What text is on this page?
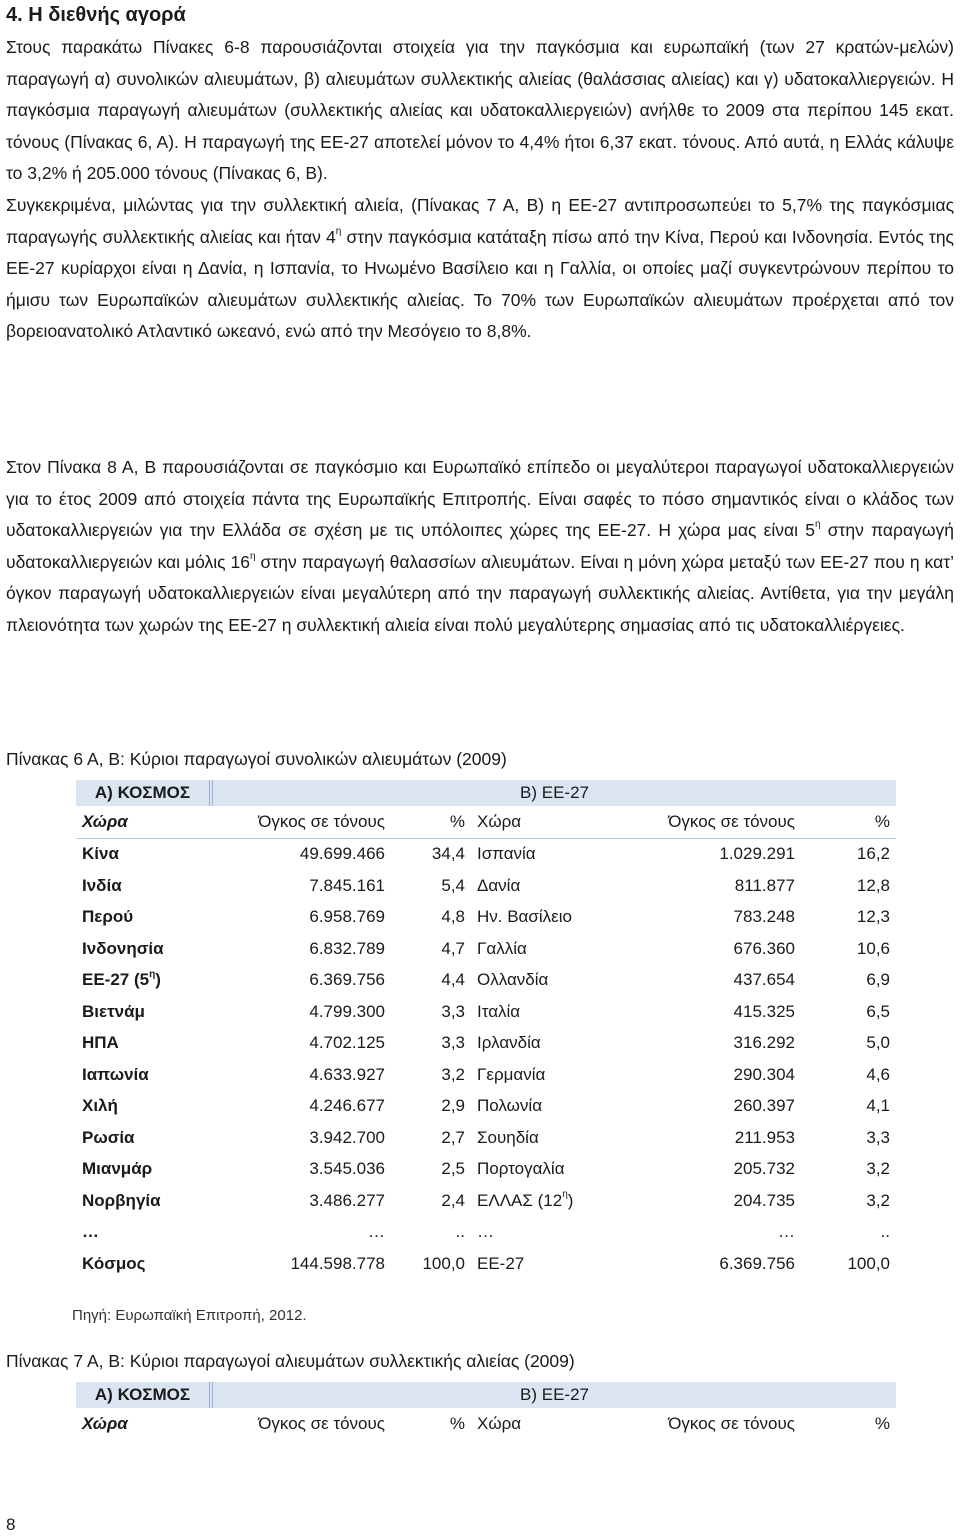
4. Η διεθνής αγορά

Στους παρακάτω Πίνακες 6-8 παρουσιάζονται στοιχεία για την παγκόσμια και ευρωπαϊκή (των 27 κρατών-μελών) παραγωγή α) συνολικών αλιευμάτων, β) αλιευμάτων συλλεκτικής αλιείας (θαλάσσιας αλιείας) και γ) υδατοκαλλιεργειών. Η παγκόσμια παραγωγή αλιευμάτων (συλλεκτικής αλιείας και υδατοκαλλιεργειών) ανήλθε το 2009 στα περίπου 145 εκατ. τόνους (Πίνακας 6, Α). Η παραγωγή της ΕΕ-27 αποτελεί μόνον το 4,4% ήτοι 6,37 εκατ. τόνους. Από αυτά, η Ελλάς κάλυψε το 3,2% ή 205.000 τόνους (Πίνακας 6, Β).

Συγκεκριμένα, μιλώντας για την συλλεκτική αλιεία, (Πίνακας 7 Α, Β) η ΕΕ-27 αντιπροσωπεύει το 5,7% της παγκόσμιας παραγωγής συλλεκτικής αλιείας και ήταν $4^\eta$ στην παγκόσμια κατάταξη πίσω από την Κίνα, Περού και Ινδονησία. Εντός της ΕΕ-27 κυρίαρχοι είναι η Δανία, η Ισπανία, το Ηνωμένο Βασίλειο και η Γαλλία, οι οποίες μαζί συγκεντρώνουν περίπου το ήμισυ των Ευρωπαϊκών αλιευμάτων συλλεκτικής αλιείας. Το 70% των Ευρωπαϊκών αλιευμάτων προέρχεται από τον βορειοανατολικό Ατλαντικό ωκεανό, ενώ από την Μεσόγειο το 8,8%.

Στον Πίνακα 8 Α, Β παρουσιάζονται σε παγκόσμιο και Ευρωπαϊκό επίπεδο οι μεγαλύτεροι παραγωγοί υδατοκαλλιεργειών για το έτος 2009 από στοιχεία πάντα της Ευρωπαϊκής Επιτροπής. Είναι σαφές το πόσο σημαντικός είναι ο κλάδος των υδατοκαλλιεργειών για την Ελλάδα σε σχέση με τις υπόλοιπες χώρες της ΕΕ-27. Η χώρα μας είναι $5^\eta$ στην παραγωγή υδατοκαλλιεργειών και μόλις $16^\eta$ στην παραγωγή θαλασσίων αλιευμάτων. Είναι η μόνη χώρα μεταξύ των ΕΕ-27 που η κατ’ όγκον παραγωγή υδατοκαλλιεργειών είναι μεγαλύτερη από την παραγωγή συλλεκτικής αλιείας. Αντίθετα, για την μεγάλη πλειονότητα των χωρών της ΕΕ-27 η συλλεκτική αλιεία είναι πολύ μεγαλύτερης σημασίας από τις υδατοκαλλιέργειες.

Πίνακας 6 Α, Β: Κύριοι παραγωγοί συνολικών αλιευμάτων (2009)
Α) ΚΟΣΜΟΣ	Β) ΕΕ-27				
Χώρα	Όγκος σε τόνους	%	Χώρα	Όγκος σε τόνους	%
Κίνα	49.699.466	34,4	Ισπανία	1.029.291	16,2
Ινδία	7.845.161	5,4	Δανία	811.877	12,8
Περού	6.958.769	4,8	Ην. Βασίλειο	783.248	12,3
Ινδονησία	6.832.789	4,7	Γαλλία	676.360	10,6
ΕΕ-27 $(5^\eta)$	6.369.756	4,4	Ολλανδία	437.654	6,9
Βιετνάμ	4.799.300	3,3	Ιταλία	415.325	6,5
ΗΠΑ	4.702.125	3,3	Ιρλανδία	316.292	5,0
Ιαπωνία	4.633.927	3,2	Γερμανία	290.304	4,6
Χιλή	4.246.677	2,9	Πολωνία	260.397	4,1
Ρωσία	3.942.700	2,7	Σουηδία	211.953	3,3
Μιανμάρ	3.545.036	2,5	Πορτογαλία	205.732	3,2
Νορβηγία	3.486.277	2,4	ΕΛΛΑΣ $(12^\eta)$	204.735	3,2
…	…	..	…	…	..
Κόσμος	144.598.778	100,0	ΕΕ-27	6.369.756	100,0
Πηγή: Ευρωπαϊκή Επιτροπή, 2012.
Πίνακας 7 Α, Β: Κύριοι παραγωγοί αλιευμάτων συλλεκτικής αλιείας (2009)
Α) ΚΟΣΜΟΣ	Β) ΕΕ-27				
Χώρα	Όγκος σε τόνους	%	Χώρα	Όγκος σε τόνους	%
8
